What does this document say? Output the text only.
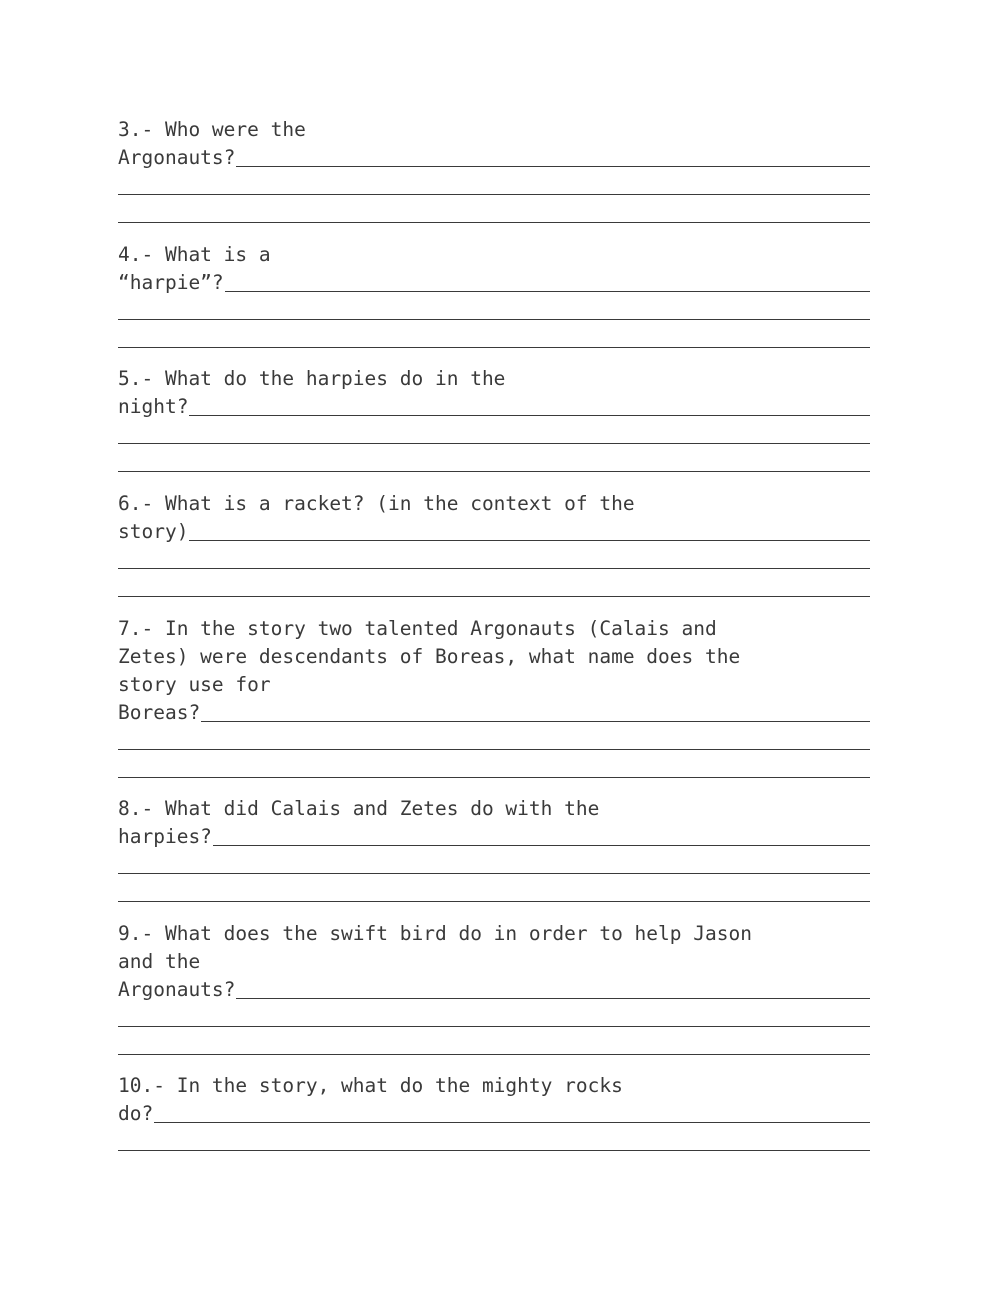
3.- Who were the
Argonauts?
4.- What is a
“harpie”?
5.- What do the harpies do in the
night?
6.- What is a racket? (in the context of the
story)
7.- In the story two talented Argonauts (Calais and
Zetes) were descendants of Boreas, what name does the
story use for
Boreas?
8.- What did Calais and Zetes do with the
harpies?
9.- What does the swift bird do in order to help Jason
and the
Argonauts?
10.- In the story, what do the mighty rocks
do?
